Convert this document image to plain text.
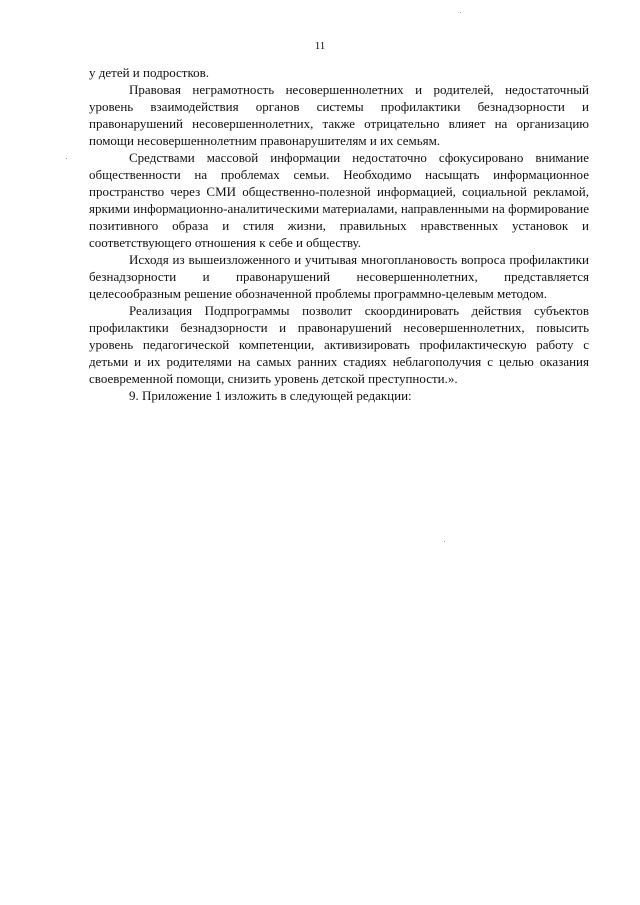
11

у детей и подростков.

Правовая неграмотность несовершеннолетних и родителей, недостаточный уровень взаимодействия органов системы профилактики безнадзорности и правонарушений несовершеннолетних, также отрицательно влияет на организацию помощи несовершеннолетним правонарушителям и их семьям.

Средствами массовой информации недостаточно сфокусировано внимание общественности на проблемах семьи. Необходимо насыщать информационное пространство через СМИ общественно-полезной информацией, социальной рекламой, яркими информационно-аналитическими материалами, направленными на формирование позитивного образа и стиля жизни, правильных нравственных установок и соответствующего отношения к себе и обществу.

Исходя из вышеизложенного и учитывая многоплановость вопроса профилактики безнадзорности и правонарушений несовершеннолетних, представляется целесообразным решение обозначенной проблемы программно-целевым методом.

Реализация Подпрограммы позволит скоординировать действия субъектов профилактики безнадзорности и правонарушений несовершеннолетних, повысить уровень педагогической компетенции, активизировать профилактическую работу с детьми и их родителями на самых ранних стадиях неблагополучия с целью оказания своевременной помощи, снизить уровень детской преступности.».

9. Приложение 1 изложить в следующей редакции:
